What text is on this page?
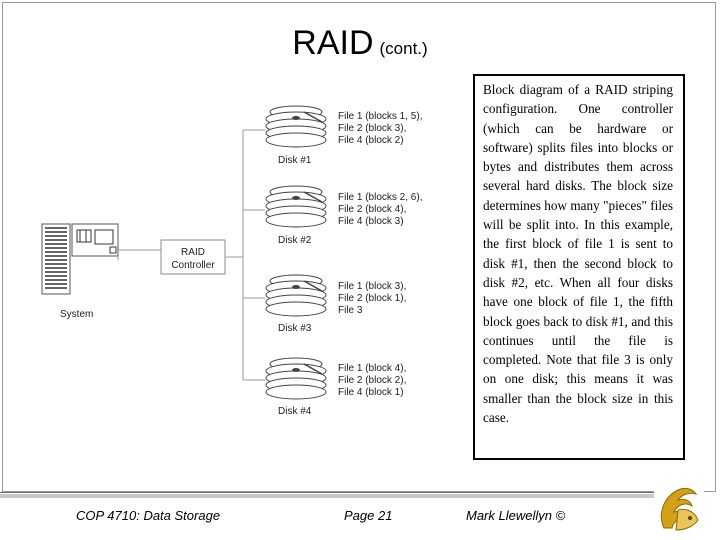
RAID (cont.)
System
RAID
Controller
Disk #1
Disk #2
Disk #3
Disk #4
File 1 (blocks 1, 5),
File 2 (block 3),
File 4 (block 2)
File 1 (blocks 2, 6),
File 2 (block 4),
File 4 (block 3)
File 1 (block 3),
File 2 (block 1),
File 3
File 1 (block 4),
File 2 (block 2),
File 4 (block 1)
Block diagram of a RAID striping configuration. One controller (which can be hardware or software) splits files into blocks or bytes and distributes them across several hard disks. The block size determines how many "pieces" files will be split into. In this example, the first block of file 1 is sent to disk #1, then the second block to disk #2, etc. When all four disks have one block of file 1, the fifth block goes back to disk #1, and this continues until the file is completed. Note that file 3 is only on one disk; this means it was smaller than the block size in this case.
COP 4710: Data Storage	Page 21	Mark Llewellyn ©
